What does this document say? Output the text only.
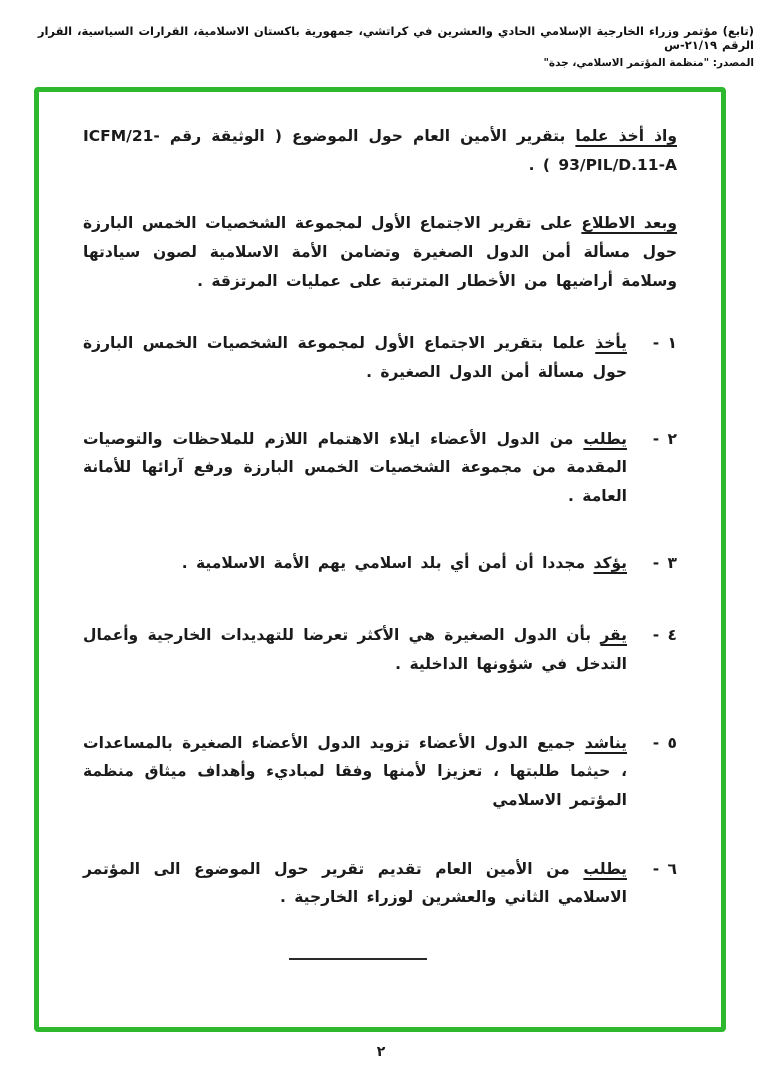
(تابع) مؤتمر وزراء الخارجية الإسلامي الحادي والعشرين في كراتشي، جمهورية باكستان الاسلامية، القرارات السياسية، القرار الرقم ٢١/١٩-س
المصدر: "منظمة المؤتمر الاسلامي، جدة"

واذ أخذ علما بتقرير الأمين العام حول الموضوع ( الوثيقة رقم ICFM/21-93/PIL/D.11-A ) .

وبعد الاطلاع على تقرير الاجتماع الأول لمجموعة الشخصيات الخمس البارزة حول مسألة أمن الدول الصغيرة وتضامن الأمة الاسلامية لصون سيادتها وسلامة أراضيها من الأخطار المترتبة على عمليات المرتزقة .

١ -
يأخذ علما بتقرير الاجتماع الأول لمجموعة الشخصيات الخمس البارزة حول مسألة أمن الدول الصغيرة .
٢ -
يطلب من الدول الأعضاء ايلاء الاهتمام اللازم للملاحظات والتوصيات المقدمة من مجموعة الشخصيات الخمس البارزة ورفع آرائها للأمانة العامة .
٣ -
يؤكد مجددا أن أمن أي بلد اسلامي يهم الأمة الاسلامية .
٤ -
يقر بأن الدول الصغيرة هي الأكثر تعرضا للتهديدات الخارجية وأعمال التدخل في شؤونها الداخلية .
٥ -
يناشد جميع الدول الأعضاء تزويد الدول الأعضاء الصغيرة بالمساعدات ، حيثما طلبتها ، تعزيزا لأمنها وفقا لمباديء وأهداف ميثاق منظمة المؤتمر الاسلامي
٦ -
يطلب من الأمين العام تقديم تقرير حول الموضوع الى المؤتمر الاسلامي الثاني والعشرين لوزراء الخارجية .
٢
